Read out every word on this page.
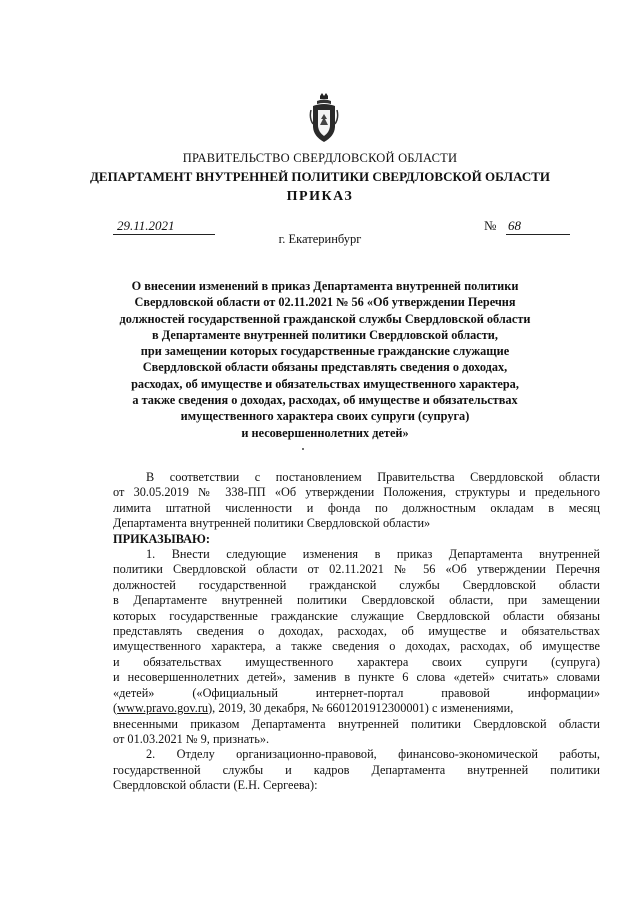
ПРАВИТЕЛЬСТВО СВЕРДЛОВСКОЙ ОБЛАСТИ
ДЕПАРТАМЕНТ ВНУТРЕННЕЙ ПОЛИТИКИ СВЕРДЛОВСКОЙ ОБЛАСТИ
ПРИКАЗ
29.11.2021	№ 68
г. Екатеринбург
О внесении изменений в приказ Департамента внутренней политики
Свердловской области от 02.11.2021 № 56 «Об утверждении Перечня
должностей государственной гражданской службы Свердловской области
в Департаменте внутренней политики Свердловской области,
при замещении которых государственные гражданские служащие
Свердловской области обязаны представлять сведения о доходах,
расходах, об имуществе и обязательствах имущественного характера,
а также сведения о доходах, расходах, об имуществе и обязательствах
имущественного характера своих супруги (супруга)
и несовершеннолетних детей»
В соответствии с постановлением Правительства Свердловской области
от 30.05.2019 № 338-ПП «Об утверждении Положения, структуры и предельного
лимита штатной численности и фонда по должностным окладам в месяц
Департамента внутренней политики Свердловской области»
ПРИКАЗЫВАЮ:
1. Внести следующие изменения в приказ Департамента внутренней
политики Свердловской области от 02.11.2021 № 56 «Об утверждении Перечня
должностей государственной гражданской службы Свердловской области
в Департаменте внутренней политики Свердловской области, при замещении
которых государственные гражданские служащие Свердловской области обязаны
представлять сведения о доходах, расходах, об имуществе и обязательствах
имущественного характера, а также сведения о доходах, расходах, об имуществе
и обязательствах имущественного характера своих супруги (супруга)
и несовершеннолетних детей», заменив в пункте 6 слова «детей» считать» словами
«детей» («Официальный интернет-портал правовой информации»
(www.pravo.gov.ru), 2019, 30 декабря, № 6601201912300001) с изменениями,
внесенными приказом Департамента внутренней политики Свердловской области
от 01.03.2021 № 9, признать».
2. Отделу организационно-правовой, финансово-экономической работы,
государственной службы и кадров Департамента внутренней политики
Свердловской области (Е.Н. Сергеева):
